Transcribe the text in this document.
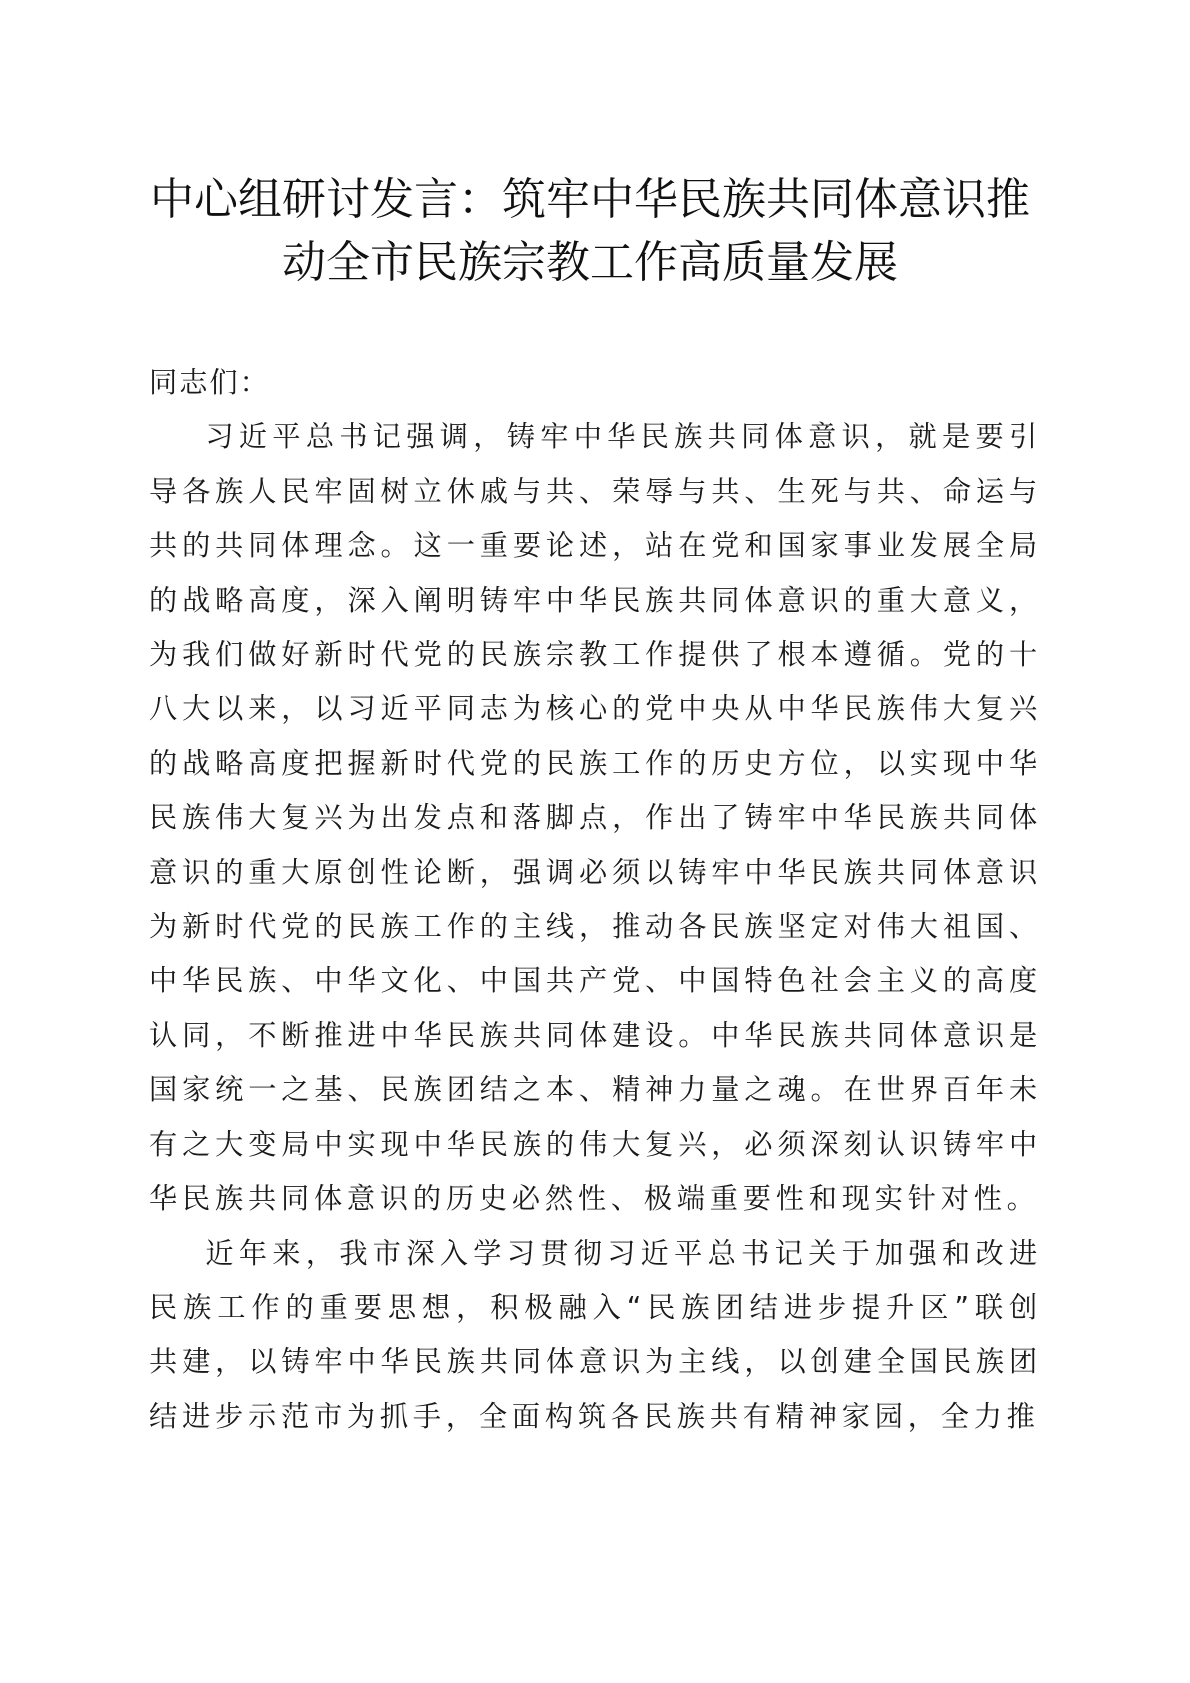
中心组研讨发言：筑牢中华民族共同体意识推动全市民族宗教工作高质量发展

同志们：

习近平总书记强调，铸牢中华民族共同体意识，就是要引导各族人民牢固树立休戚与共、荣辱与共、生死与共、命运与共的共同体理念。这一重要论述，站在党和国家事业发展全局的战略高度，深入阐明铸牢中华民族共同体意识的重大意义，为我们做好新时代党的民族宗教工作提供了根本遵循。党的十八大以来，以习近平同志为核心的党中央从中华民族伟大复兴的战略高度把握新时代党的民族工作的历史方位，以实现中华民族伟大复兴为出发点和落脚点，作出了铸牢中华民族共同体意识的重大原创性论断，强调必须以铸牢中华民族共同体意识为新时代党的民族工作的主线，推动各民族坚定对伟大祖国、中华民族、中华文化、中国共产党、中国特色社会主义的高度认同，不断推进中华民族共同体建设。中华民族共同体意识是国家统一之基、民族团结之本、精神力量之魂。在世界百年未有之大变局中实现中华民族的伟大复兴，必须深刻认识铸牢中华民族共同体意识的历史必然性、极端重要性和现实针对性。

近年来，我市深入学习贯彻习近平总书记关于加强和改进民族工作的重要思想，积极融入“民族团结进步提升区”联创共建，以铸牢中华民族共同体意识为主线，以创建全国民族团结进步示范市为抓手，全面构筑各民族共有精神家园，全力推
